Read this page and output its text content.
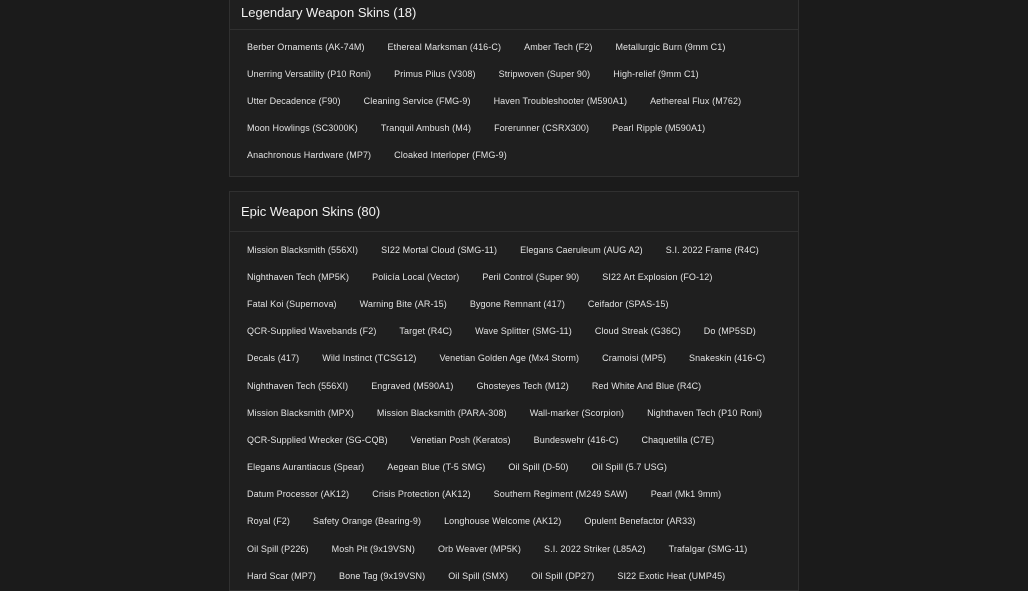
Legendary Weapon Skins (18)
Berber Ornaments (AK-74M)	Ethereal Marksman (416-C)	Amber Tech (F2)	Metallurgic Burn (9mm C1)
Unerring Versatility (P10 Roni)	Primus Pilus (V308)	Stripwoven (Super 90)	High-relief (9mm C1)
Utter Decadence (F90)	Cleaning Service (FMG-9)	Haven Troubleshooter (M590A1)	Aethereal Flux (M762)
Moon Howlings (SC3000K)	Tranquil Ambush (M4)	Forerunner (CSRX300)	Pearl Ripple (M590A1)
Anachronous Hardware (MP7)	Cloaked Interloper (FMG-9)
Epic Weapon Skins (80)
Mission Blacksmith (556XI)	SI22 Mortal Cloud (SMG-11)	Elegans Caeruleum (AUG A2)	S.I. 2022 Frame (R4C)
Nighthaven Tech (MP5K)	Policía Local (Vector)	Peril Control (Super 90)	SI22 Art Explosion (FO-12)
Fatal Koi (Supernova)	Warning Bite (AR-15)	Bygone Remnant (417)	Ceifador (SPAS-15)
QCR-Supplied Wavebands (F2)	Target (R4C)	Wave Splitter (SMG-11)	Cloud Streak (G36C)	Do (MP5SD)
Decals (417)	Wild Instinct (TCSG12)	Venetian Golden Age (Mx4 Storm)	Cramoisi (MP5)	Snakeskin (416-C)
Nighthaven Tech (556XI)	Engraved (M590A1)	Ghosteyes Tech (M12)	Red White And Blue (R4C)
Mission Blacksmith (MPX)	Mission Blacksmith (PARA-308)	Wall-marker (Scorpion)	Nighthaven Tech (P10 Roni)
QCR-Supplied Wrecker (SG-CQB)	Venetian Posh (Keratos)	Bundeswehr (416-C)	Chaquetilla (C7E)
Elegans Aurantiacus (Spear)	Aegean Blue (T-5 SMG)	Oil Spill (D-50)	Oil Spill (5.7 USG)
Datum Processor (AK12)	Crisis Protection (AK12)	Southern Regiment (M249 SAW)	Pearl (Mk1 9mm)
Royal (F2)	Safety Orange (Bearing-9)	Longhouse Welcome (AK12)	Opulent Benefactor (AR33)
Oil Spill (P226)	Mosh Pit (9x19VSN)	Orb Weaver (MP5K)	S.I. 2022 Striker (L85A2)	Trafalgar (SMG-11)
Hard Scar (MP7)	Bone Tag (9x19VSN)	Oil Spill (SMX)	Oil Spill (DP27)	SI22 Exotic Heat (UMP45)
